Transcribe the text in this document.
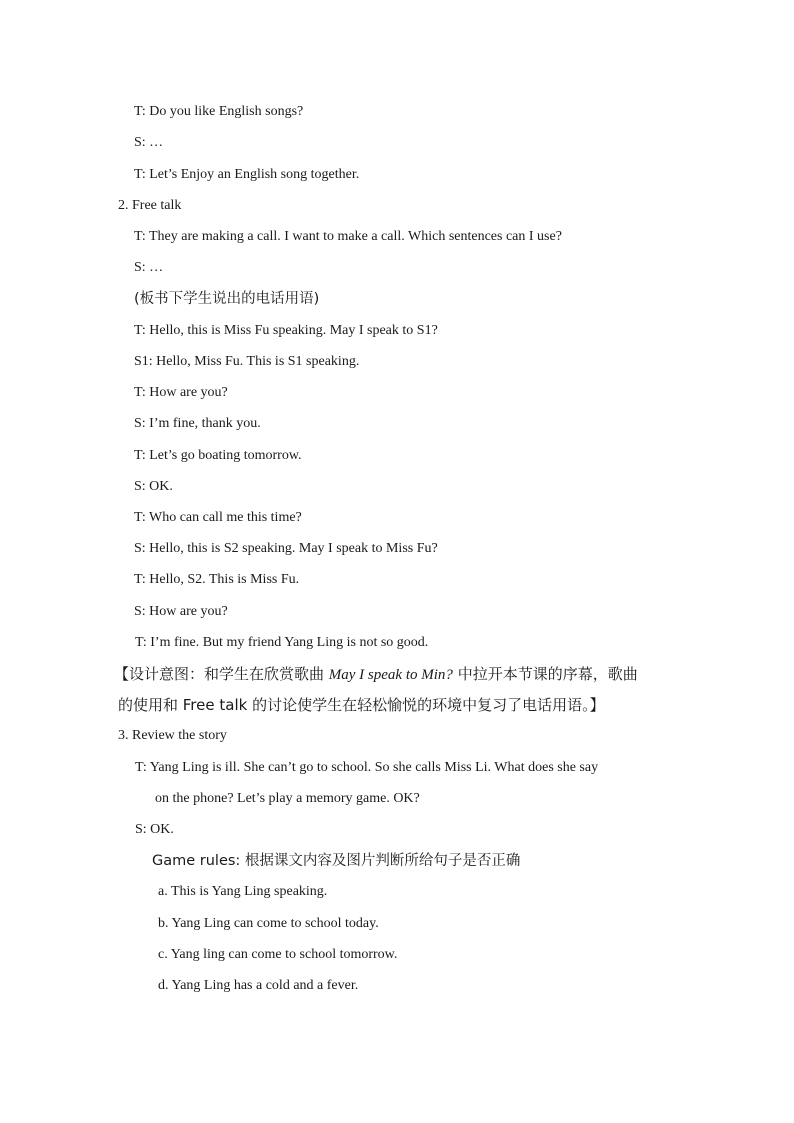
T: Do you like English songs?
S: …
T: Let’s Enjoy an English song together.
2. Free talk
T: They are making a call. I want to make a call. Which sentences can I use?
S: …
(板书下学生说出的电话用语)
T: Hello, this is Miss Fu speaking. May I speak to S1?
S1: Hello, Miss Fu. This is S1 speaking.
T: How are you?
S: I’m fine, thank you.
T: Let’s go boating tomorrow.
S: OK.
T: Who can call me this time?
S: Hello, this is S2 speaking. May I speak to Miss Fu?
T: Hello, S2. This is Miss Fu.
S: How are you?
T: I’m fine. But my friend Yang Ling is not so good.
【设计意图：和学生在欣赏歌曲 May I speak to Min? 中拉开本节课的序幕，歌曲
的使用和 Free talk 的讨论使学生在轻松愉悦的环境中复习了电话用语。】
3. Review the story
T: Yang Ling is ill. She can’t go to school. So she calls Miss Li. What does she say
on the phone? Let’s play a memory game. OK?
S: OK.
Game rules: 根据课文内容及图片判断所给句子是否正确
a. This is Yang Ling speaking.
b. Yang Ling can come to school today.
c. Yang ling can come to school tomorrow.
d. Yang Ling has a cold and a fever.
